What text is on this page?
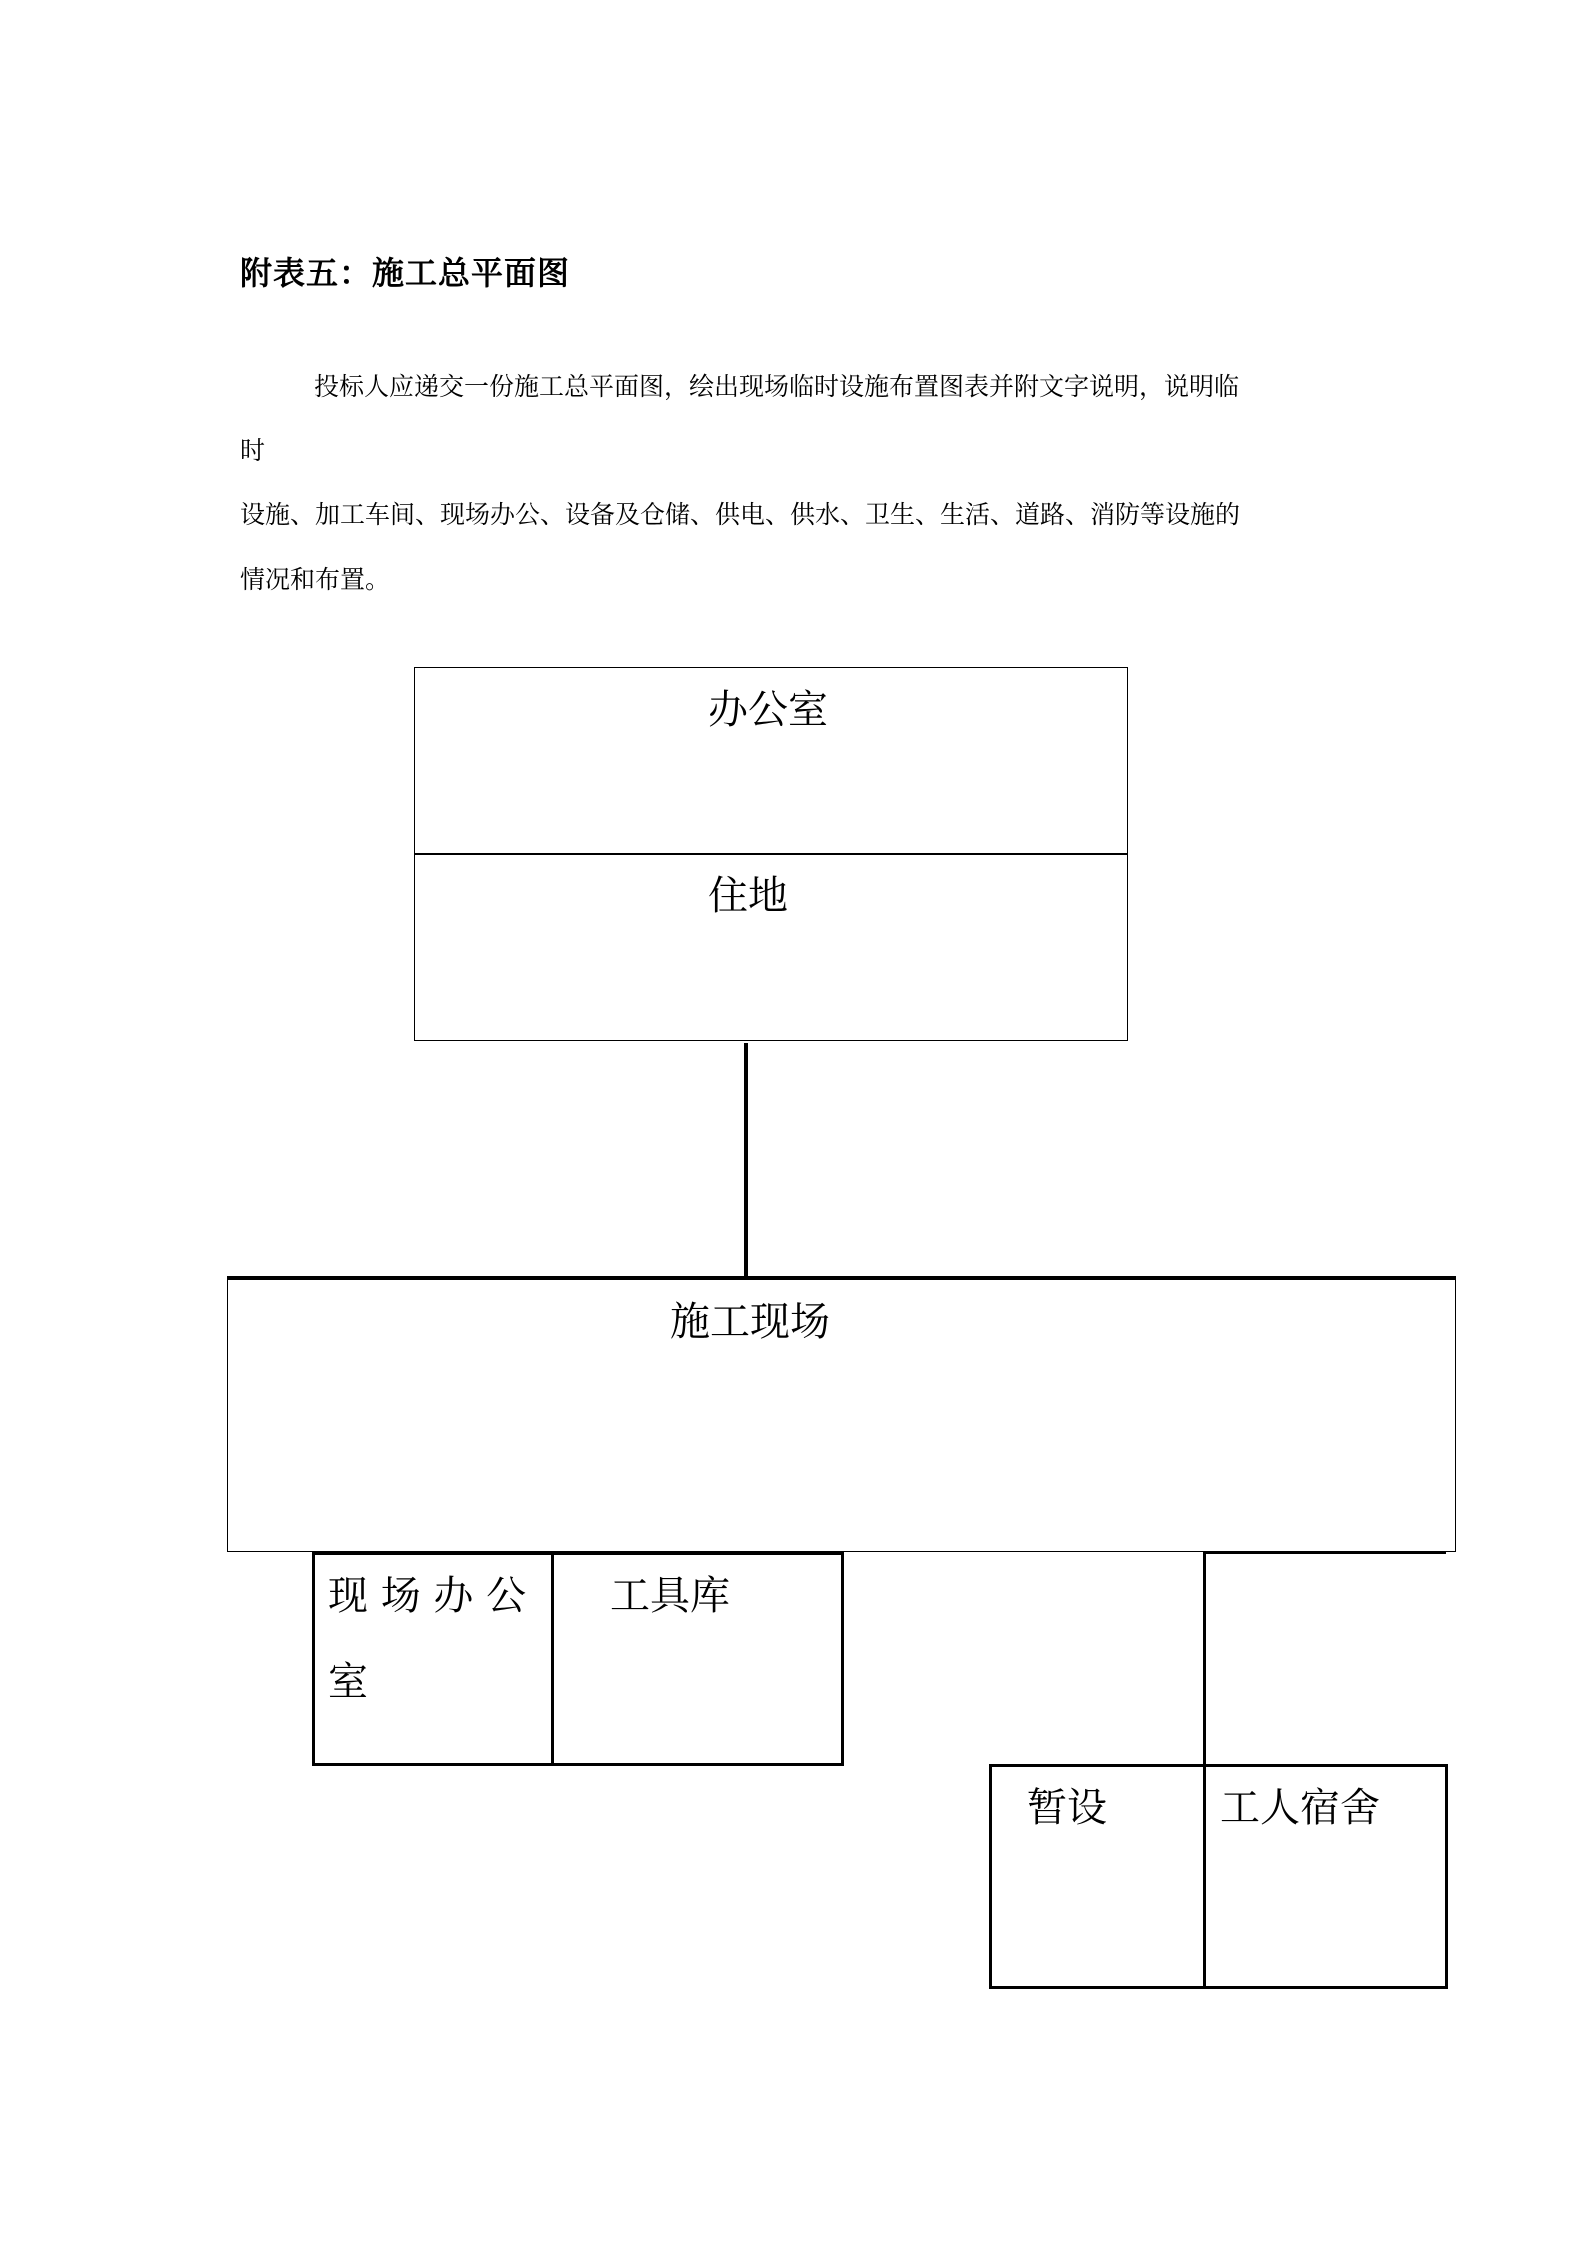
附表五：施工总平面图
投标人应递交一份施工总平面图，绘出现场临时设施布置图表并附文字说明，说明临
时
设施、加工车间、现场办公、设备及仓储、供电、供水、卫生、生活、道路、消防等设施的
情况和布置。
办公室
住地
施工现场
现 场 办 公
室
工具库
暂设	工人宿舍
